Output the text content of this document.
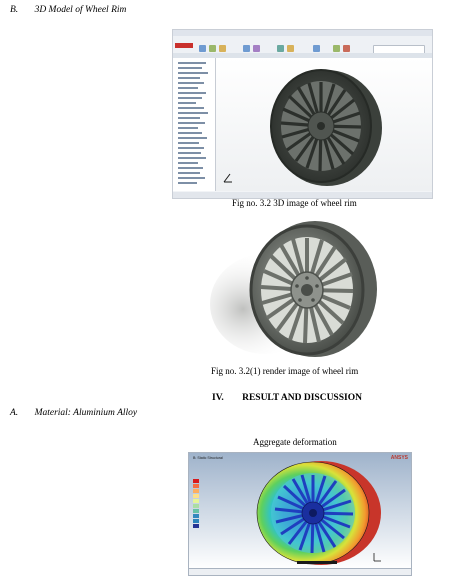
B. 3D Model of Wheel Rim
Fig no. 3.2 3D image of wheel rim
Fig no. 3.2(1) render image of wheel rim
IV. RESULT AND DISCUSSION
A. Material: Aluminium Alloy
Aggregate deformation
B: Static Structural	ANSYS
